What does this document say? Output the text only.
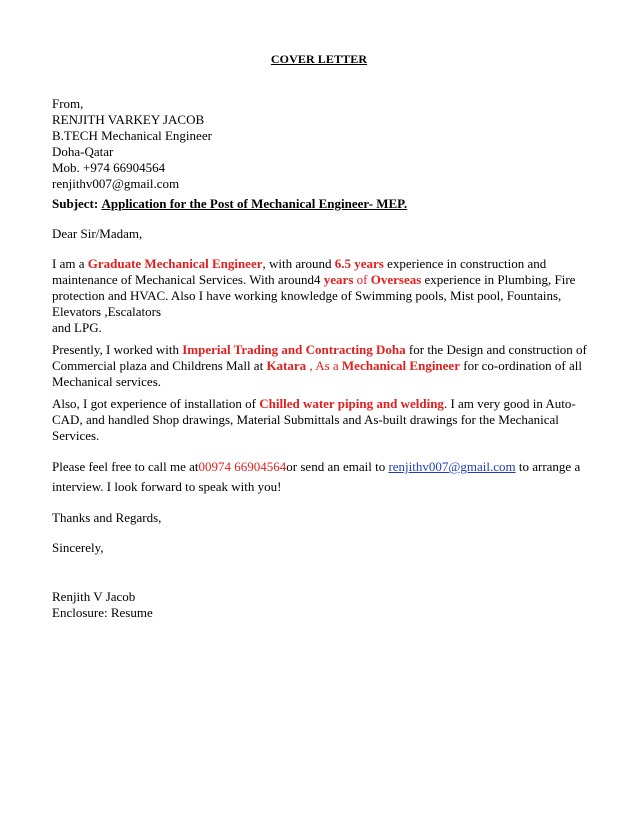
COVER LETTER
From,
RENJITH VARKEY JACOB
B.TECH Mechanical Engineer
Doha-Qatar
Mob. +974 66904564
renjithv007@gmail.com
Subject: Application for the Post of Mechanical Engineer- MEP.
Dear Sir/Madam,
I am a Graduate Mechanical Engineer, with around 6.5 years experience in construction and
maintenance of Mechanical Services. With around4 years of Overseas experience in Plumbing, Fire
protection and HVAC. Also I have working knowledge of Swimming pools, Mist pool, Fountains,
Elevators ,Escalators
and LPG.
Presently, I worked with Imperial Trading and Contracting Doha for the Design and construction of
Commercial plaza and Childrens Mall at Katara , As a Mechanical Engineer for co-ordination of all
Mechanical services.
Also, I got experience of installation of Chilled water piping and welding. I am very good in Auto-
CAD, and handled Shop drawings, Material Submittals and As-built drawings for the Mechanical
Services.
Please feel free to call me at00974 66904564or send an email to renjithv007@gmail.com to arrange a
interview. I look forward to speak with you!
Thanks and Regards,
Sincerely,
Renjith V Jacob
Enclosure: Resume
